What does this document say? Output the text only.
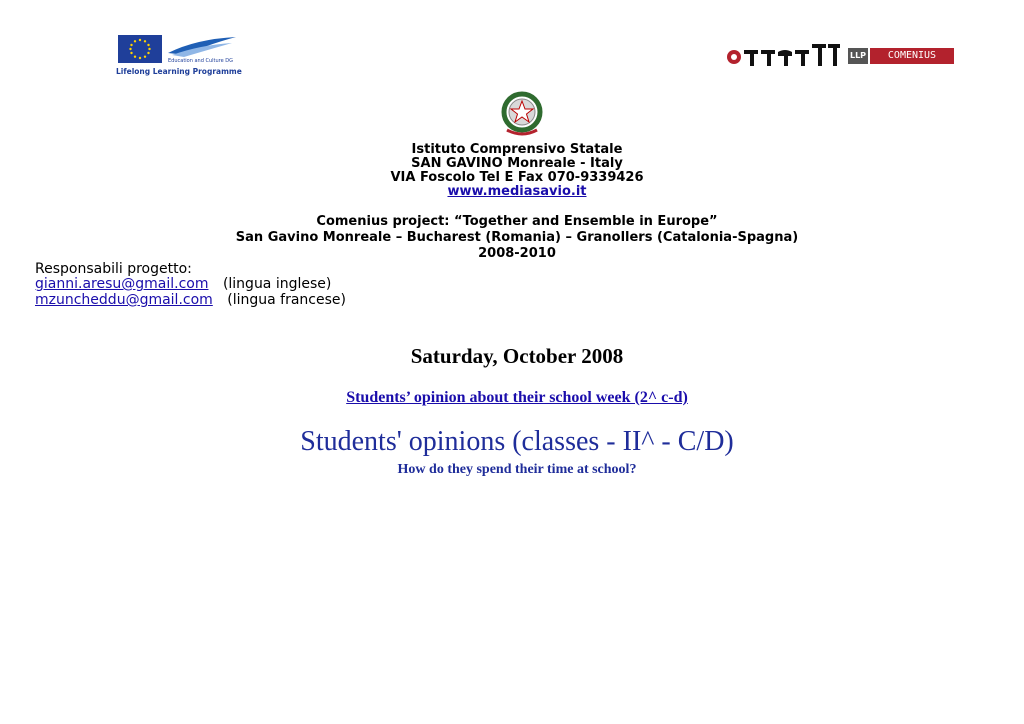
Education and Culture DG
Lifelong Learning Programme
LLP	COMENIUS
Istituto Comprensivo Statale
SAN GAVINO Monreale - Italy
VIA Foscolo Tel E Fax 070-9339426
www.mediasavio.it
Comenius project: “Together and Ensemble in Europe”
San Gavino Monreale – Bucharest (Romania) – Granollers (Catalonia-Spagna)
2008-2010
Responsabili progetto:
gianni.aresu@gmail.com (lingua inglese)
mzuncheddu@gmail.com (lingua francese)
Saturday, October 2008
Students’ opinion about their school week (2^ c-d)
Students' opinions (classes - II^ - C/D)
How do they spend their time at school?
